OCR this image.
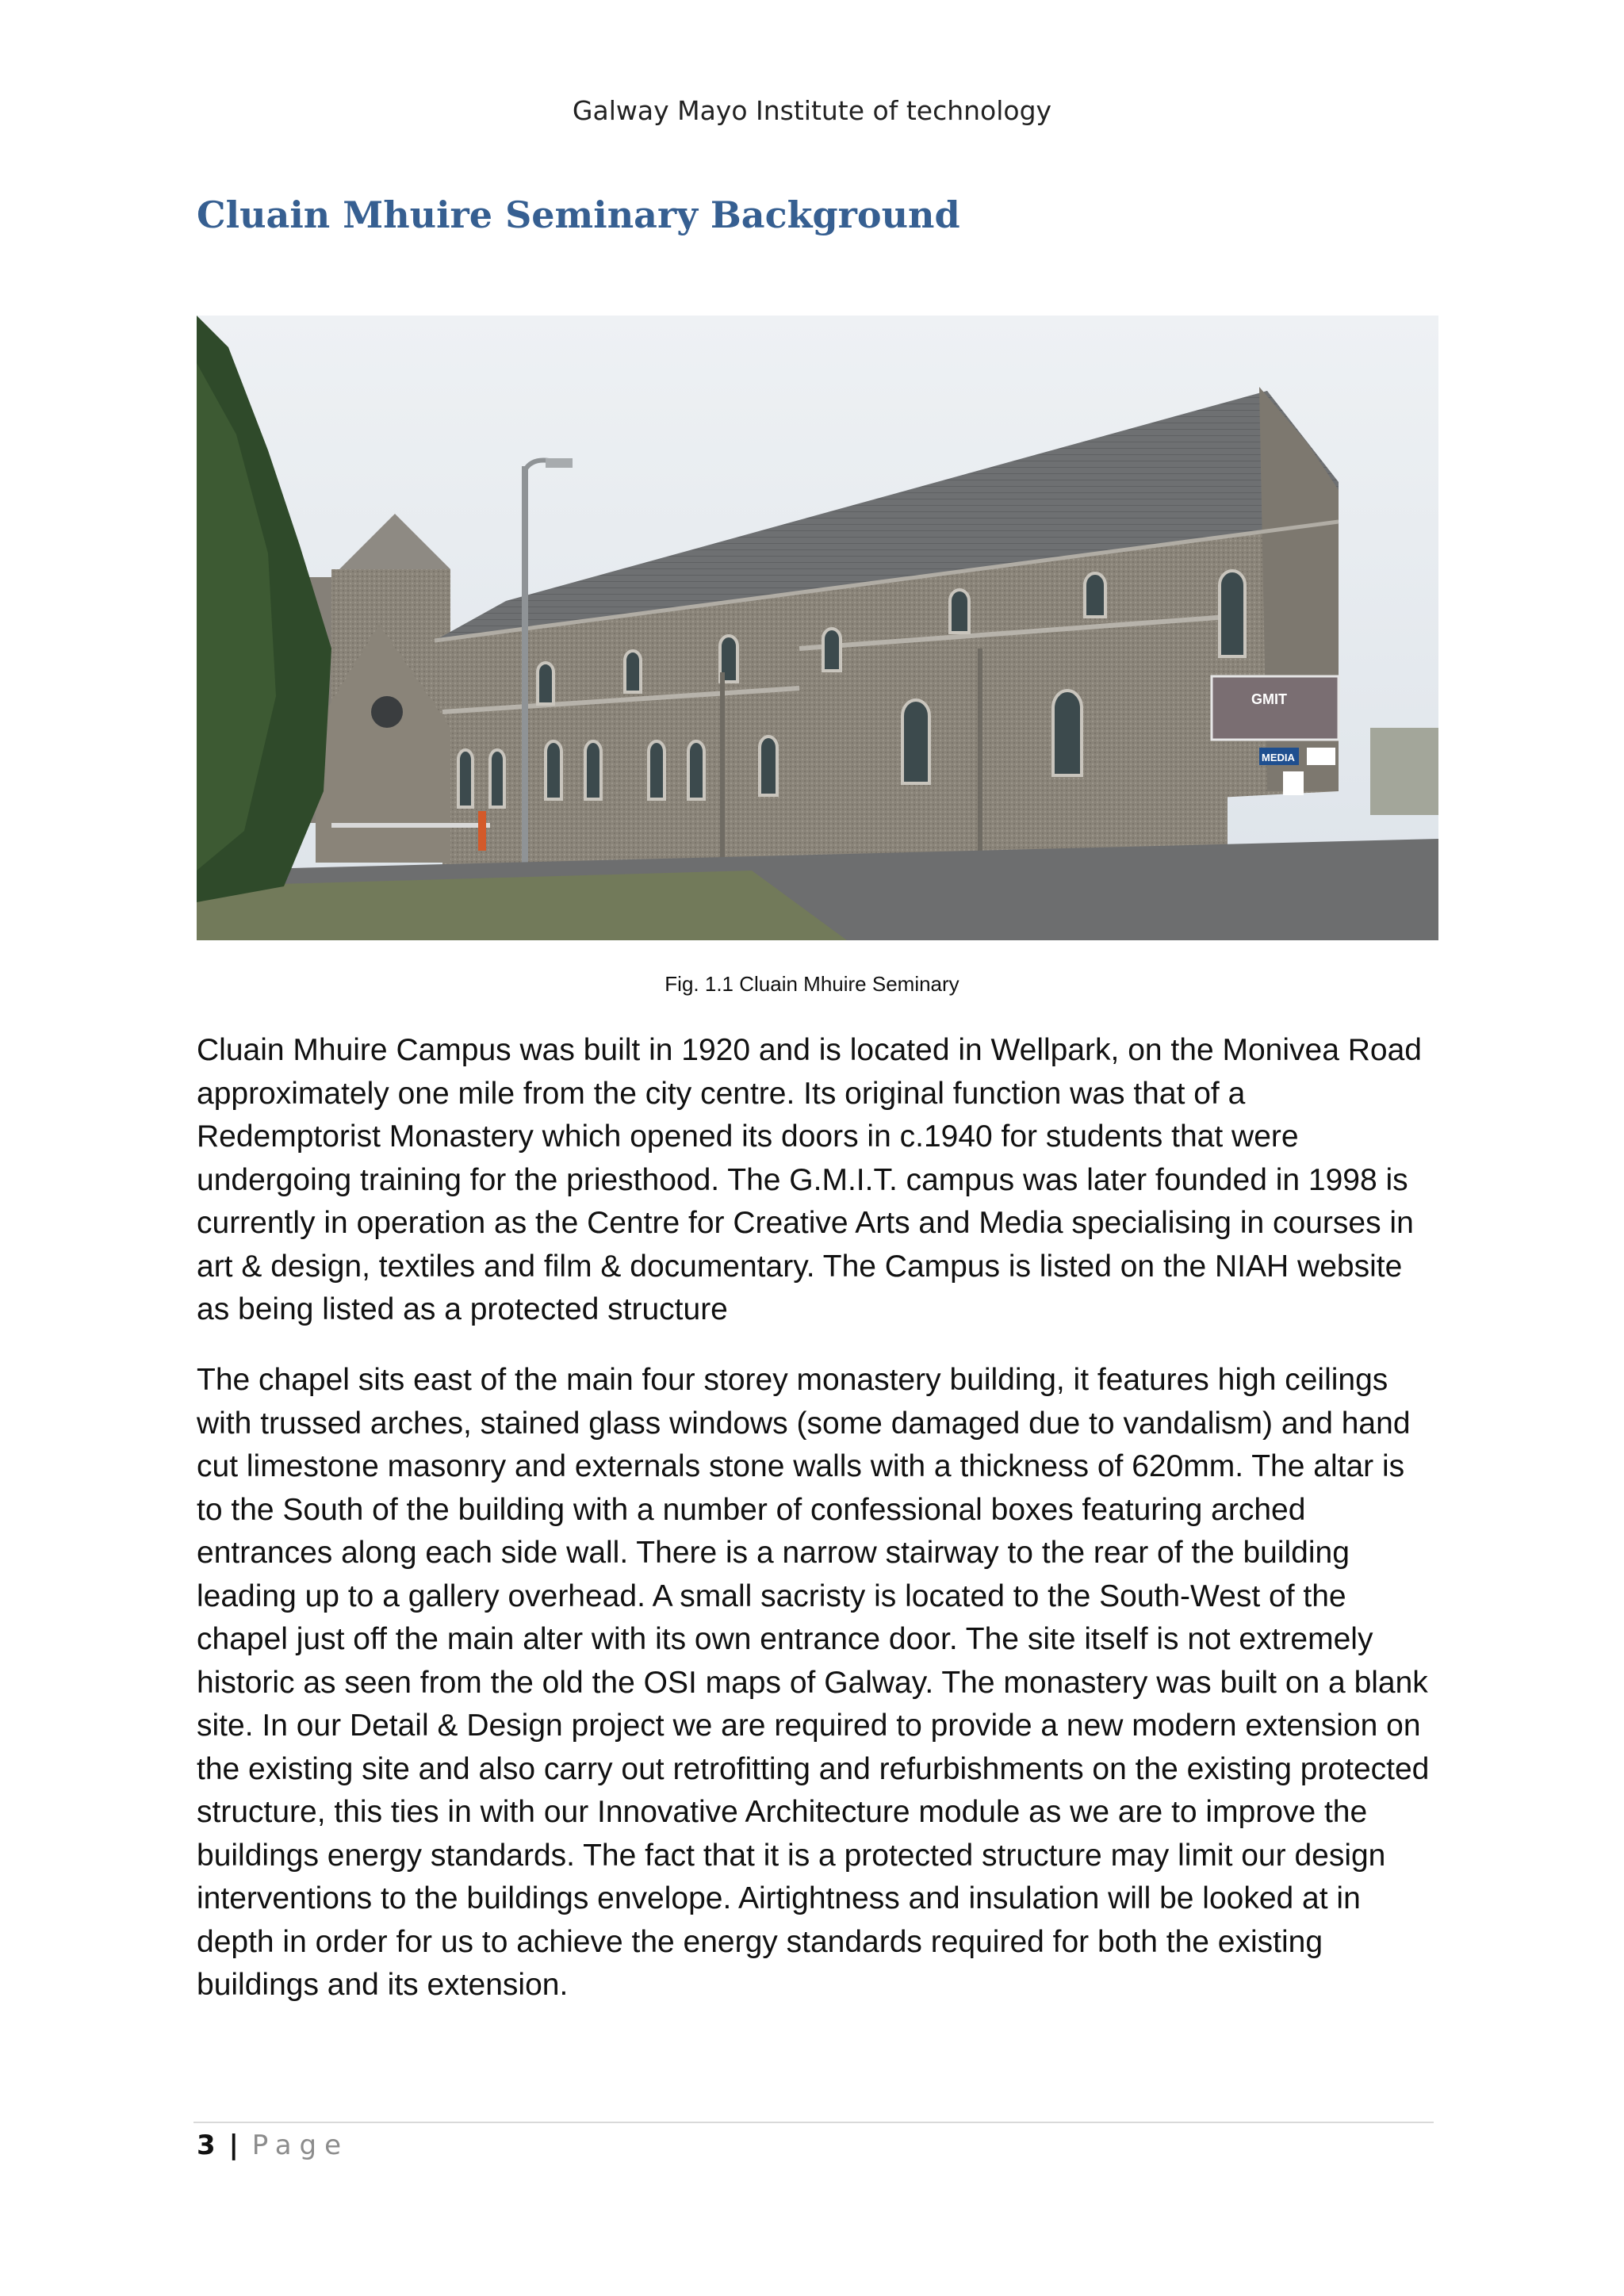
Galway Mayo Institute of technology
Cluain Mhuire Seminary Background
GMIT
MEDIA
Fig. 1.1 Cluain Mhuire Seminary

Cluain Mhuire Campus was built in 1920 and is located in Wellpark, on the Monivea Road approximately one mile from the city centre. Its original function was that of a Redemptorist Monastery which opened its doors in c.1940 for students that were undergoing training for the priesthood. The G.M.I.T. campus was later founded in 1998 is currently in operation as the Centre for Creative Arts and Media specialising in courses in art & design, textiles and film & documentary. The Campus is listed on the NIAH website as being listed as a protected structure

The chapel sits east of the main four storey monastery building, it features high ceilings with trussed arches, stained glass windows (some damaged due to vandalism) and hand cut limestone masonry and externals stone walls with a thickness of 620mm. The altar is to the South of the building with a number of confessional boxes featuring arched entrances along each side wall. There is a narrow stairway to the rear of the building leading up to a gallery overhead. A small sacristy is located to the South-West of the chapel just off the main alter with its own entrance door. The site itself is not extremely historic as seen from the old the OSI maps of Galway. The monastery was built on a blank site. In our Detail & Design project we are required to provide a new modern extension on the existing site and also carry out retrofitting and refurbishments on the existing protected structure, this ties in with our Innovative Architecture module as we are to improve the buildings energy standards. The fact that it is a protected structure may limit our design interventions to the buildings envelope. Airtightness and insulation will be looked at in depth in order for us to achieve the energy standards required for both the existing buildings and its extension.

3 | Page
